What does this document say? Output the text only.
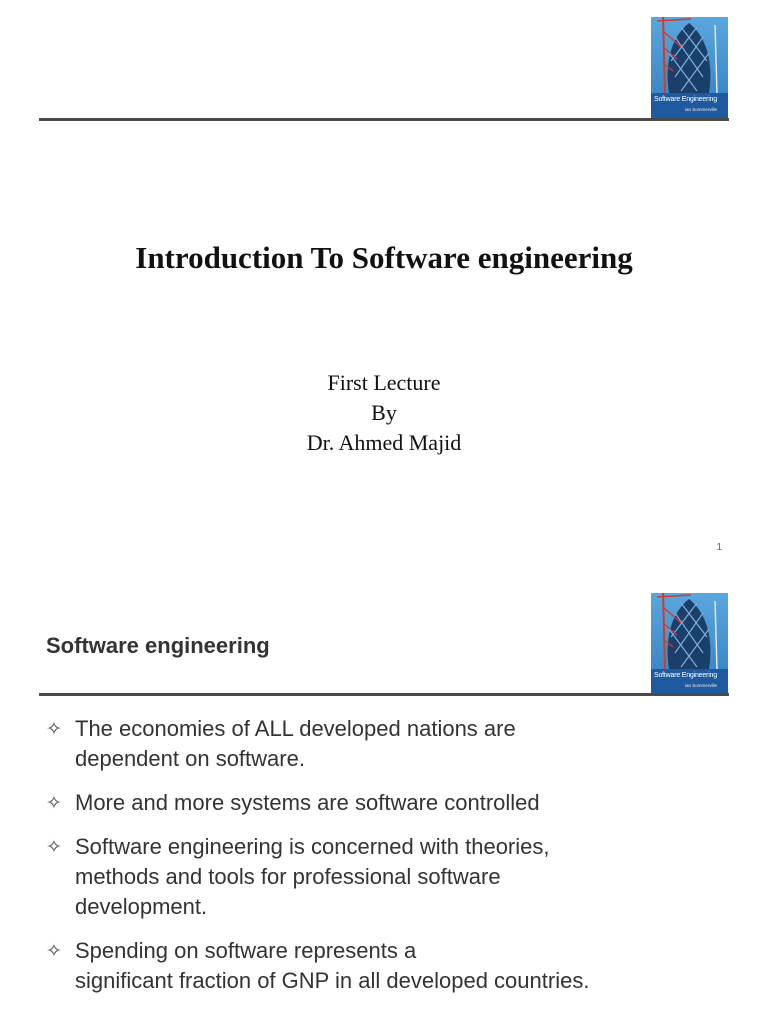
Software Engineering
ian Sommerville
Introduction To Software engineering
First Lecture
By
Dr. Ahmed Majid
1
Software engineering
Software Engineering
ian Sommerville
✧ The economies of ALL developed nations are
dependent on software.
✧ More and more systems are software controlled
✧ Software engineering is concerned with theories,
methods and tools for professional software
development.
✧ Spending on software represents a
significant fraction of GNP in all developed countries.
